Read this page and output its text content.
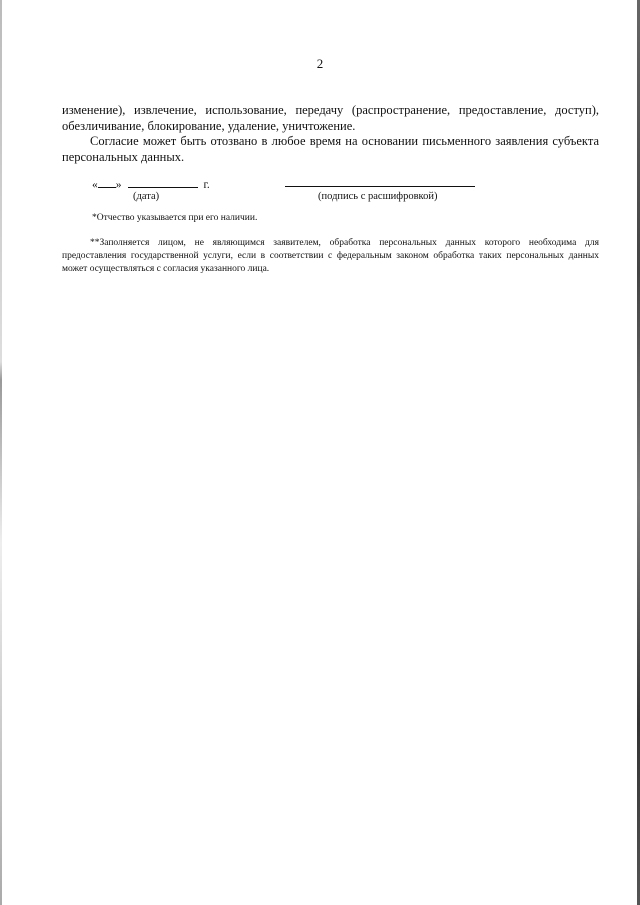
2
изменение), извлечение, использование, передачу (распространение, предоставление, доступ),
обезличивание, блокирование, удаление, уничтожение.
Согласие может быть отозвано в любое время на основании письменного заявления субъекта
персональных данных.
« »	г.
(дата)	(подпись с расшифровкой)
*Отчество указывается при его наличии.
**Заполняется лицом, не являющимся заявителем, обработка персональных данных которого необходима для предоставления государственной услуги, если в соответствии с федеральным законом обработка таких персональных данных может осуществляться с согласия указанного лица.
